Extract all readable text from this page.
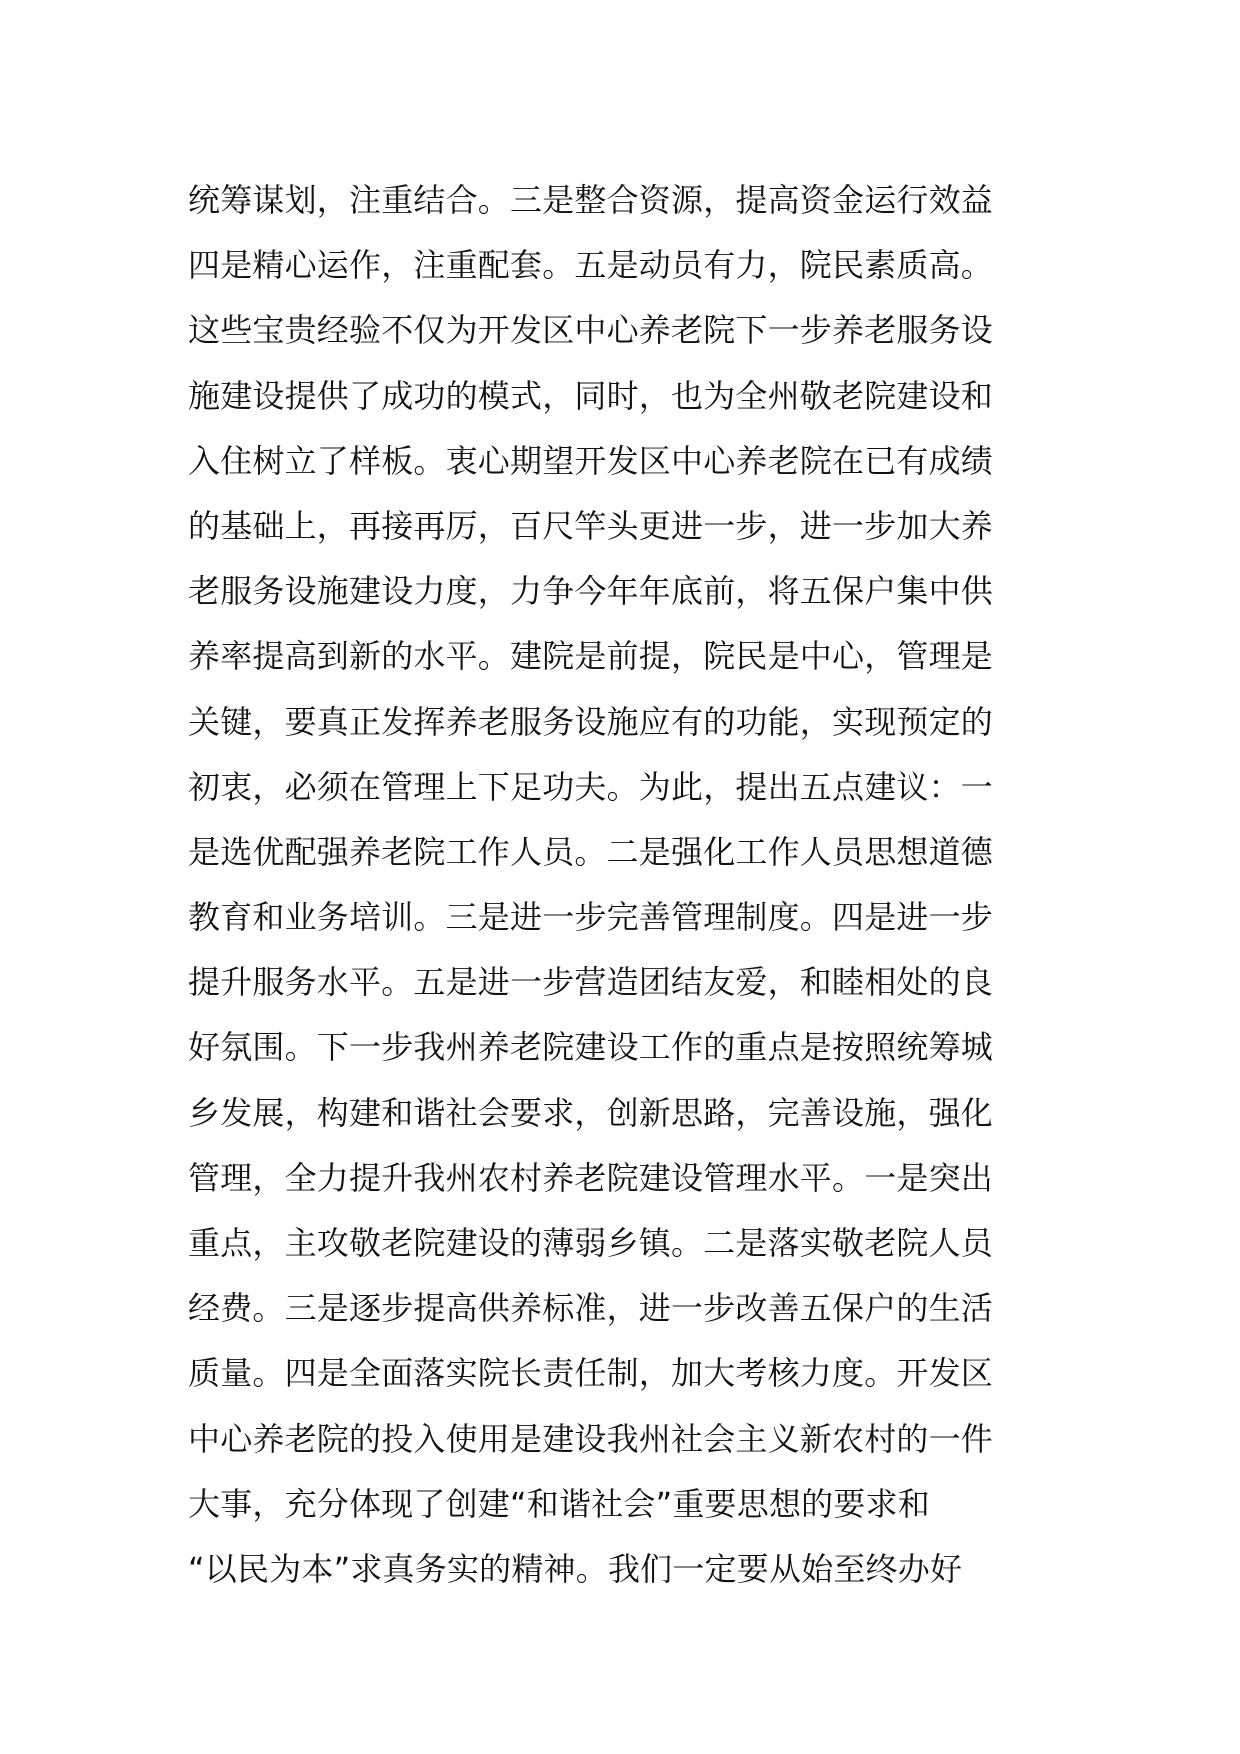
统筹谋划，注重结合。三是整合资源，提高资金运行效益
四是精心运作，注重配套。五是动员有力，院民素质高。
这些宝贵经验不仅为开发区中心养老院下一步养老服务设
施建设提供了成功的模式，同时，也为全州敬老院建设和
入住树立了样板。衷心期望开发区中心养老院在已有成绩
的基础上，再接再厉，百尺竿头更进一步，进一步加大养
老服务设施建设力度，力争今年年底前，将五保户集中供
养率提高到新的水平。建院是前提，院民是中心，管理是
关键，要真正发挥养老服务设施应有的功能，实现预定的
初衷，必须在管理上下足功夫。为此，提出五点建议：一
是选优配强养老院工作人员。二是强化工作人员思想道德
教育和业务培训。三是进一步完善管理制度。四是进一步
提升服务水平。五是进一步营造团结友爱，和睦相处的良
好氛围。下一步我州养老院建设工作的重点是按照统筹城
乡发展，构建和谐社会要求，创新思路，完善设施，强化
管理，全力提升我州农村养老院建设管理水平。一是突出
重点，主攻敬老院建设的薄弱乡镇。二是落实敬老院人员
经费。三是逐步提高供养标准，进一步改善五保户的生活
质量。四是全面落实院长责任制，加大考核力度。开发区
中心养老院的投入使用是建设我州社会主义新农村的一件
大事，充分体现了创建“和谐社会”重要思想的要求和
“以民为本”求真务实的精神。我们一定要从始至终办好
